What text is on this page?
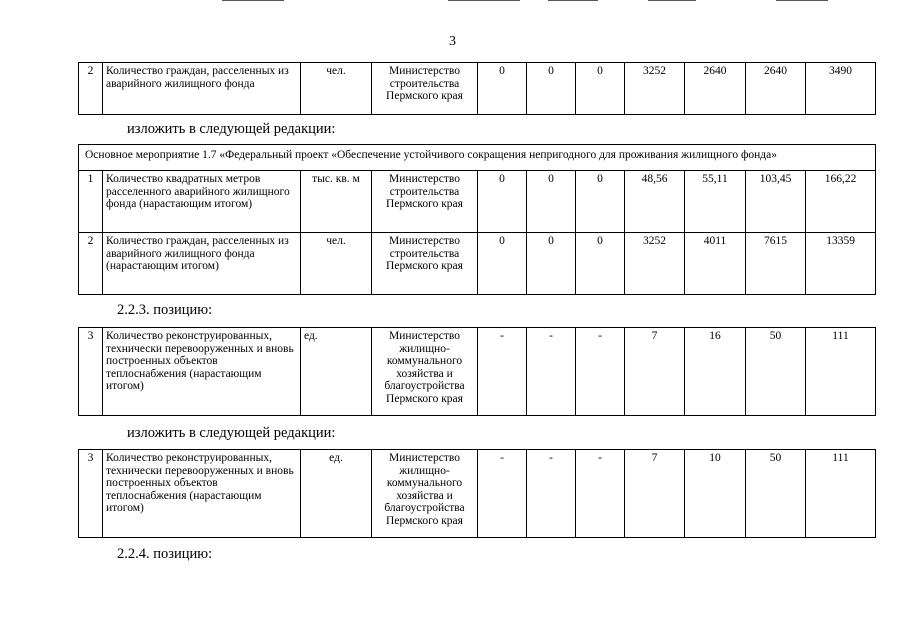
3
2	Количество граждан, расселенных из аварийного жилищного фонда	чел.	Министерство строительства Пермского края	0	0	0	3252	2640	2640	3490
изложить в следующей редакции:
Основное мероприятие 1.7 «Федеральный проект «Обеспечение устойчивого сокращения непригодного для проживания жилищного фонда»										
1	Количество квадратных метров расселенного аварийного жилищного фонда (нарастающим итогом)	тыс. кв. м	Министерство строительства Пермского края	0	0	0	48,56	55,11	103,45	166,22
2	Количество граждан, расселенных из аварийного жилищного фонда (нарастающим итогом)	чел.	Министерство строительства Пермского края	0	0	0	3252	4011	7615	13359
2.2.3. позицию:
3	Количество реконструированных, технически перевооруженных и вновь построенных объектов теплоснабжения (нарастающим итогом)	ед.	Министерство жилищно-коммунального хозяйства и благоустройства Пермского края	-	-	-	7	16	50	111
изложить в следующей редакции:
3	Количество реконструированных, технически перевооруженных и вновь построенных объектов теплоснабжения (нарастающим итогом)	ед.	Министерство жилищно-коммунального хозяйства и благоустройства Пермского края	-	-	-	7	10	50	111
2.2.4. позицию:
